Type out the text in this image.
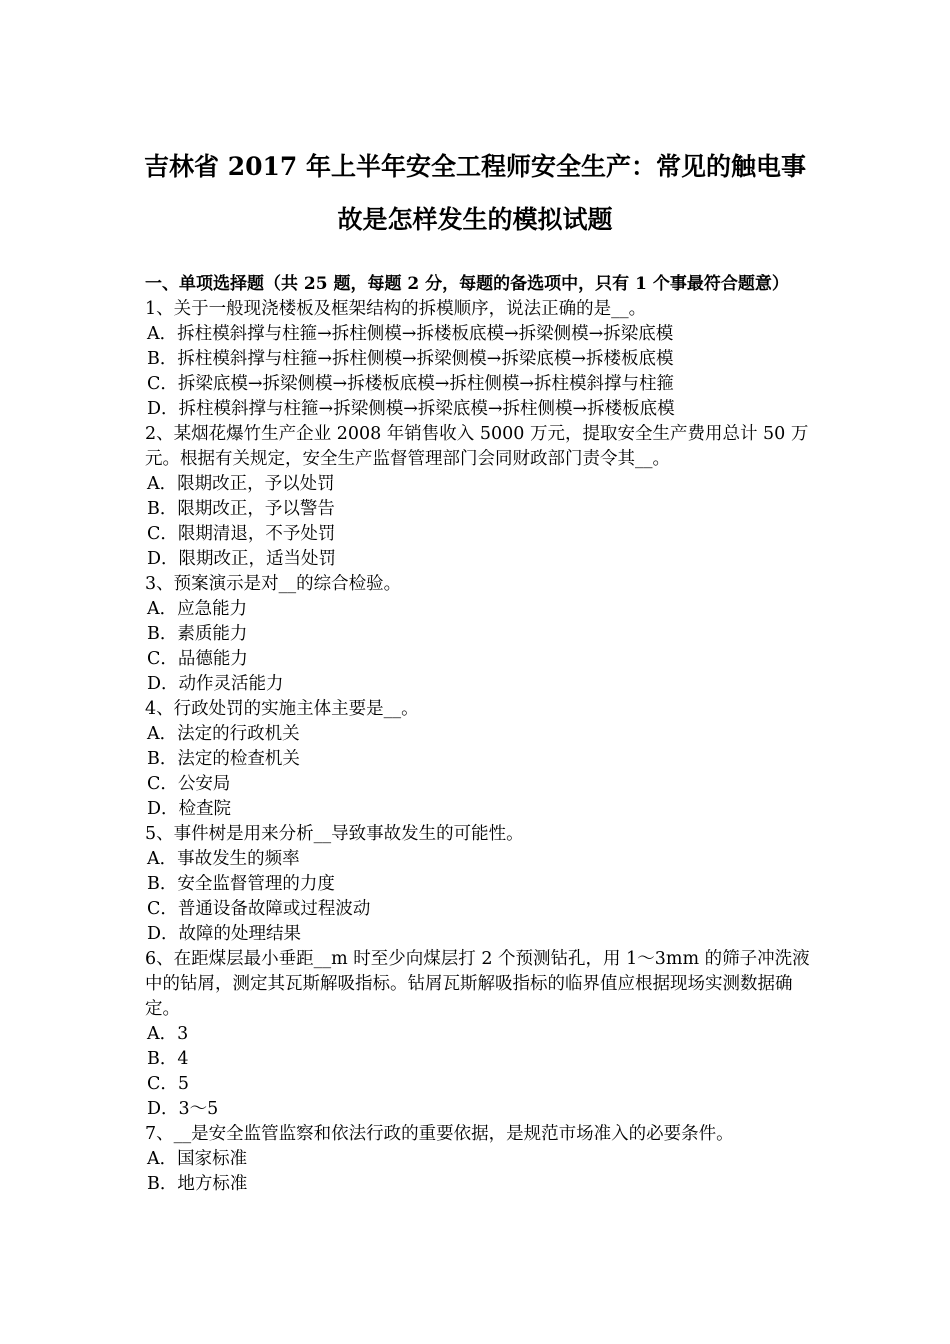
吉林省 2017 年上半年安全工程师安全生产：常见的触电事
故是怎样发生的模拟试题
一、单项选择题（共 25 题，每题 2 分，每题的备选项中，只有 1 个事最符合题意）
1、关于一般现浇楼板及框架结构的拆模顺序，说法正确的是__。
A．拆柱模斜撑与柱箍→拆柱侧模→拆楼板底模→拆梁侧模→拆梁底模
B．拆柱模斜撑与柱箍→拆柱侧模→拆梁侧模→拆梁底模→拆楼板底模
C．拆梁底模→拆梁侧模→拆楼板底模→拆柱侧模→拆柱模斜撑与柱箍
D．拆柱模斜撑与柱箍→拆梁侧模→拆梁底模→拆柱侧模→拆楼板底模
2、某烟花爆竹生产企业 2008 年销售收入 5000 万元，提取安全生产费用总计 50 万元。根据有关规定，安全生产监督管理部门会同财政部门责令其__。
A．限期改正，予以处罚
B．限期改正，予以警告
C．限期清退，不予处罚
D．限期改正，适当处罚
3、预案演示是对__的综合检验。
A．应急能力
B．素质能力
C．品德能力
D．动作灵活能力
4、行政处罚的实施主体主要是__。
A．法定的行政机关
B．法定的检查机关
C．公安局
D．检查院
5、事件树是用来分析__导致事故发生的可能性。
A．事故发生的频率
B．安全监督管理的力度
C．普通设备故障或过程波动
D．故障的处理结果
6、在距煤层最小垂距__m 时至少向煤层打 2 个预测钻孔，用 1～3mm 的筛子冲洗液中的钻屑，测定其瓦斯解吸指标。钻屑瓦斯解吸指标的临界值应根据现场实测数据确定。
A．3
B．4
C．5
D．3～5
7、__是安全监管监察和依法行政的重要依据，是规范市场准入的必要条件。
A．国家标准
B．地方标准
